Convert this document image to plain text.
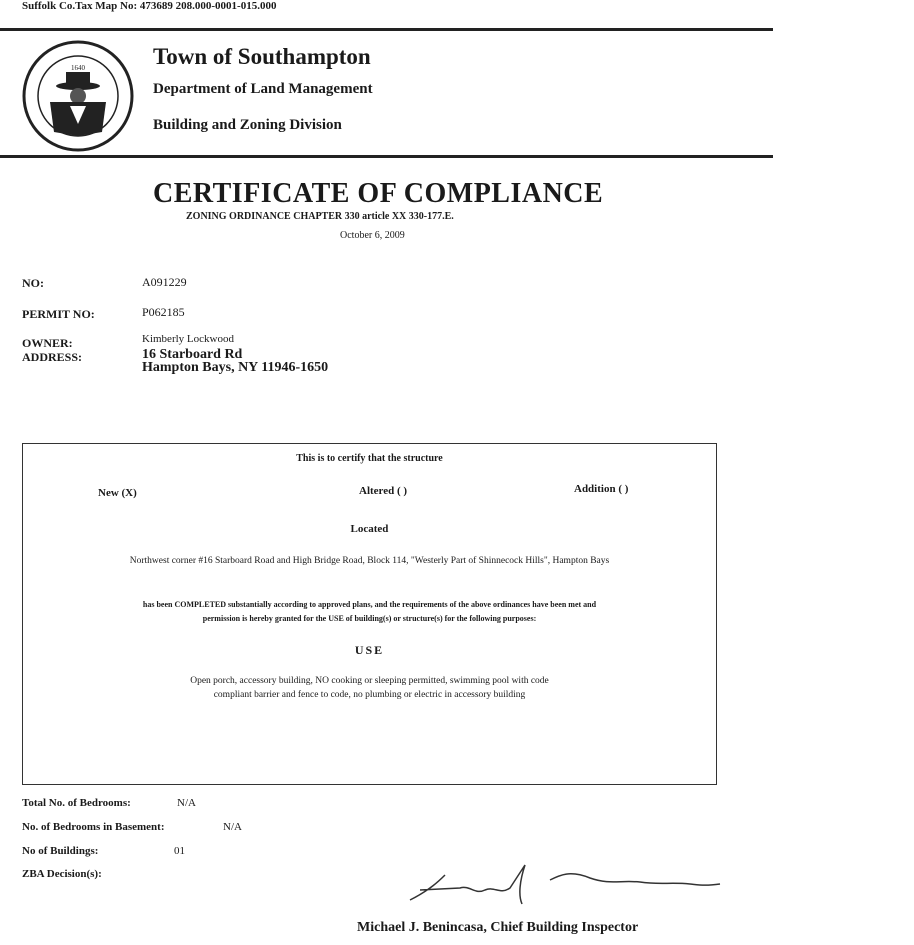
Suffolk Co.Tax Map No: 473689 208.000-0001-015.000
1640	Town of Southampton
Department of Land Management
Building and Zoning Division
CERTIFICATE OF COMPLIANCE
ZONING ORDINANCE CHAPTER 330 article XX 330-177.E.
October 6, 2009
NO:	A091229
PERMIT NO:	P062185
OWNER:	Kimberly Lockwood
ADDRESS:	16 Starboard Rd
Hampton Bays, NY 11946-1650
This is to certify that the structure
New (X)	Altered ( )	Addition ( )
Located
Northwest corner #16 Starboard Road and High Bridge Road, Block 114, "Westerly Part of Shinnecock Hills", Hampton Bays
has been COMPLETED substantially according to approved plans, and the requirements of the above ordinances have been met and
permission is hereby granted for the USE of building(s) or structure(s) for the following purposes:
USE
Open porch, accessory building, NO cooking or sleeping permitted, swimming pool with code
compliant barrier and fence to code, no plumbing or electric in accessory building
Total No. of Bedrooms:	N/A
No. of Bedrooms in Basement:	N/A
No of Buildings:	01
ZBA Decision(s):
Michael J. Benincasa, Chief Building Inspector
